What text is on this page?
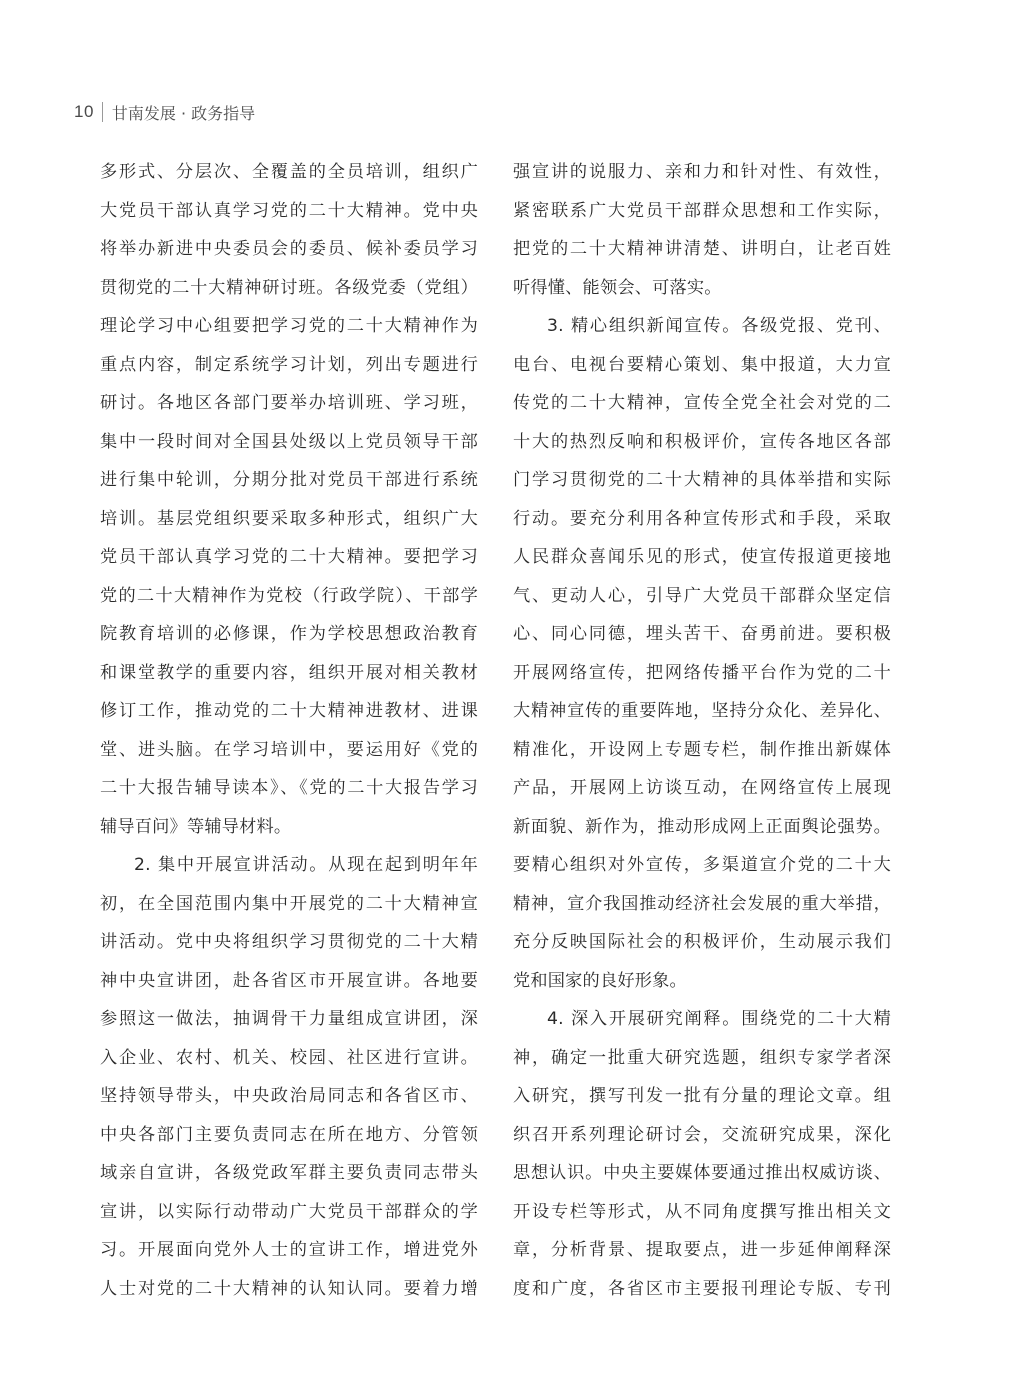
10 甘南发展 · 政务指导
多形式、分层次、全覆盖的全员培训，组织广
大党员干部认真学习党的二十大精神。党中央
将举办新进中央委员会的委员、候补委员学习
贯彻党的二十大精神研讨班。各级党委（党组）
理论学习中心组要把学习党的二十大精神作为
重点内容，制定系统学习计划，列出专题进行
研讨。各地区各部门要举办培训班、学习班，
集中一段时间对全国县处级以上党员领导干部
进行集中轮训，分期分批对党员干部进行系统
培训。基层党组织要采取多种形式，组织广大
党员干部认真学习党的二十大精神。要把学习
党的二十大精神作为党校（行政学院）、干部学
院教育培训的必修课，作为学校思想政治教育
和课堂教学的重要内容，组织开展对相关教材
修订工作，推动党的二十大精神进教材、进课
堂、进头脑。在学习培训中，要运用好《党的
二十大报告辅导读本》、《党的二十大报告学习
辅导百问》等辅导材料。
2. 集中开展宣讲活动。从现在起到明年年
初，在全国范围内集中开展党的二十大精神宣
讲活动。党中央将组织学习贯彻党的二十大精
神中央宣讲团，赴各省区市开展宣讲。各地要
参照这一做法，抽调骨干力量组成宣讲团，深
入企业、农村、机关、校园、社区进行宣讲。
坚持领导带头，中央政治局同志和各省区市、
中央各部门主要负责同志在所在地方、分管领
域亲自宣讲，各级党政军群主要负责同志带头
宣讲，以实际行动带动广大党员干部群众的学
习。开展面向党外人士的宣讲工作，增进党外
人士对党的二十大精神的认知认同。要着力增
强宣讲的说服力、亲和力和针对性、有效性，
紧密联系广大党员干部群众思想和工作实际，
把党的二十大精神讲清楚、讲明白，让老百姓
听得懂、能领会、可落实。
3. 精心组织新闻宣传。各级党报、党刊、
电台、电视台要精心策划、集中报道，大力宣
传党的二十大精神，宣传全党全社会对党的二
十大的热烈反响和积极评价，宣传各地区各部
门学习贯彻党的二十大精神的具体举措和实际
行动。要充分利用各种宣传形式和手段，采取
人民群众喜闻乐见的形式，使宣传报道更接地
气、更动人心，引导广大党员干部群众坚定信
心、同心同德，埋头苦干、奋勇前进。要积极
开展网络宣传，把网络传播平台作为党的二十
大精神宣传的重要阵地，坚持分众化、差异化、
精准化，开设网上专题专栏，制作推出新媒体
产品，开展网上访谈互动，在网络宣传上展现
新面貌、新作为，推动形成网上正面舆论强势。
要精心组织对外宣传，多渠道宣介党的二十大
精神，宣介我国推动经济社会发展的重大举措，
充分反映国际社会的积极评价，生动展示我们
党和国家的良好形象。
4. 深入开展研究阐释。围绕党的二十大精
神，确定一批重大研究选题，组织专家学者深
入研究，撰写刊发一批有分量的理论文章。组
织召开系列理论研讨会，交流研究成果，深化
思想认识。中央主要媒体要通过推出权威访谈、
开设专栏等形式，从不同角度撰写推出相关文
章，分析背景、提取要点，进一步延伸阐释深
度和广度，各省区市主要报刊理论专版、专刊
